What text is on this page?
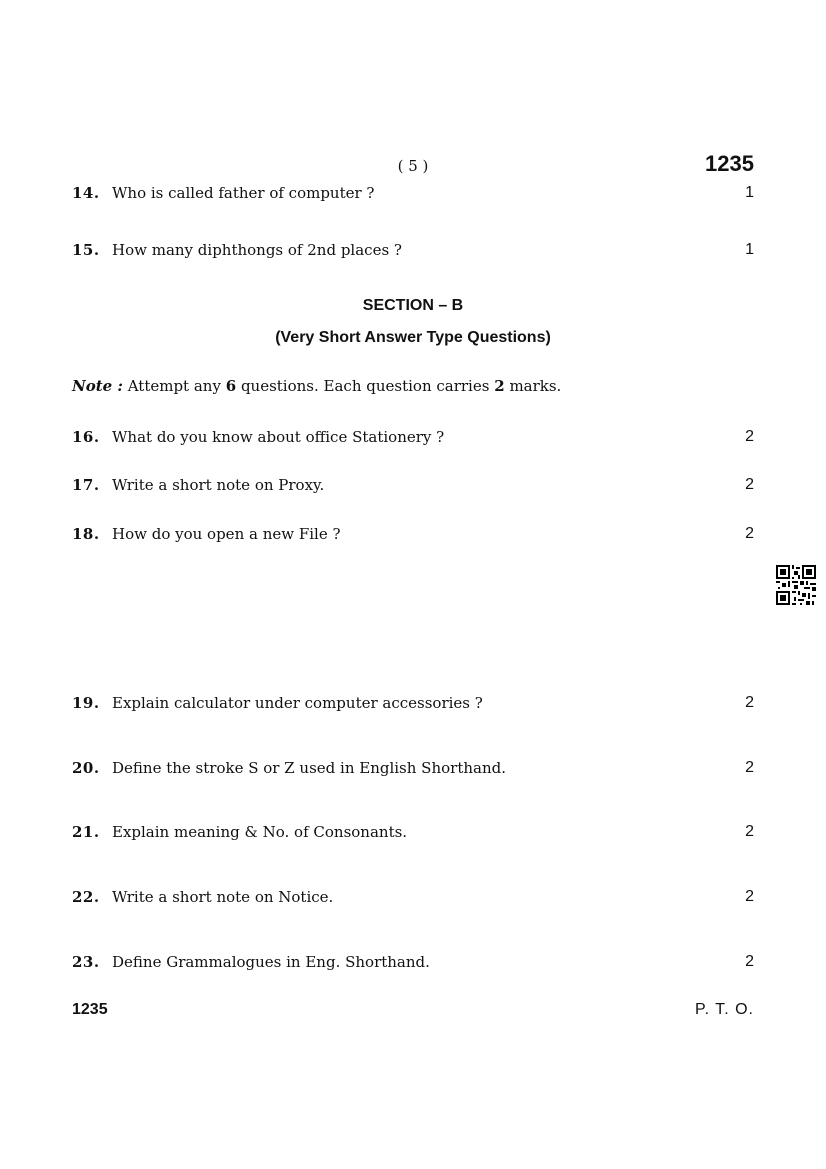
( 5 )	1235
14. Who is called father of computer ?	1
15. How many diphthongs of 2nd places ?	1
SECTION – B
(Very Short Answer Type Questions)
Note : Attempt any 6 questions. Each question carries 2 marks.
16. What do you know about office Stationery ?	2
17. Write a short note on Proxy.	2
18. How do you open a new File ?	2
19. Explain calculator under computer accessories ?	2
20. Define the stroke S or Z used in English Shorthand.	2
21. Explain meaning & No. of Consonants.	2
22. Write a short note on Notice.	2
23. Define Grammalogues in Eng. Shorthand.	2
1235	P. T. O.
